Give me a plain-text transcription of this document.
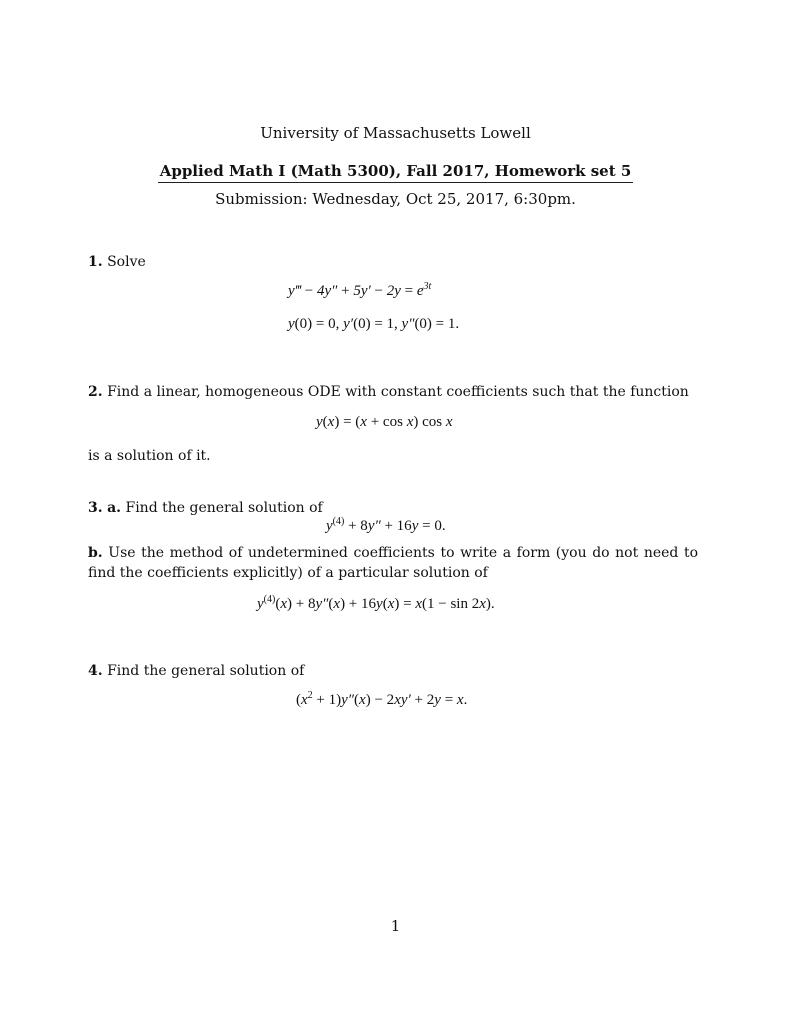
University of Massachusetts Lowell
Applied Math I (Math 5300), Fall 2017, Homework set 5
Submission: Wednesday, Oct 25, 2017, 6:30pm.
1. Solve
y‴ − $4y'' + 5y' - 2y = e^{3t}$
y(0) = 0, y′(0) = 1, y″(0) = 1.
2. Find a linear, homogeneous ODE with constant coefficients such that the function
y(x) = (x + cos x) cos x
is a solution of it.
3. a. Find the general solution of
$y^{(4)} + 8y'' + 16y = 0$.
b. Use the method of undetermined coefficients to write a form (you do not need to find the coefficients explicitly) of a particular solution of
$y^{(4)}(x) + 8y''(x) + 16y(x) = x(1 - \sin 2x)$.
4. Find the general solution of
$(x^2 + 1)y''(x) - 2xy' + 2y = x$.
1
